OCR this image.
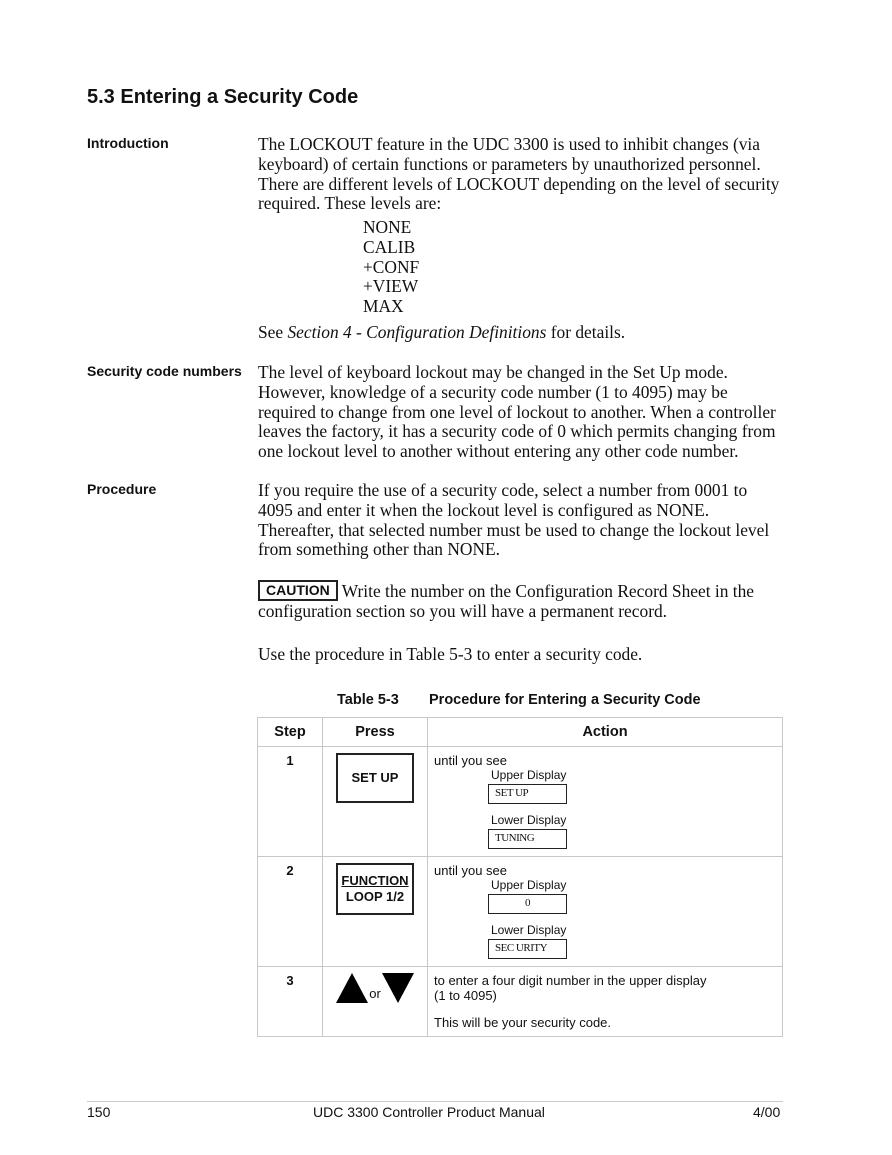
5.3 Entering a Security Code
Introduction	The LOCKOUT feature in the UDC 3300 is used to inhibit changes (via keyboard) of certain functions or parameters by unauthorized personnel. There are different levels of LOCKOUT depending on the level of security required. These levels are:

NONE
CALIB
+CONF
+VIEW
MAX

See Section 4 - Configuration Definitions for details.

Security code numbers The level of keyboard lockout may be changed in the Set Up mode. However, knowledge of a security code number (1 to 4095) may be required to change from one level of lockout to another. When a controller leaves the factory, it has a security code of 0 which permits changing from one lockout level to another without entering any other code number.

Procedure	If you require the use of a security code, select a number from 0001 to 4095 and enter it when the lockout level is configured as NONE. Thereafter, that selected number must be used to change the lockout level from something other than NONE.

CAUTION Write the number on the Configuration Record Sheet in the configuration section so you will have a permanent record.

Use the procedure in Table 5-3 to enter a security code.

Table 5-3 Procedure for Entering a Security Code
Step	Press	Action
1	SET UP	until you see
Upper Display
SET UP
Lower Display
TUNING

2	FUNCTION
LOOP 1/2	until you see
Upper Display
0
Lower Display
SEC URITY

3	or	to enter a four digit number in the upper display
(1 to 4095)
This will be your security code.
150	UDC 3300 Controller Product Manual	4/00
